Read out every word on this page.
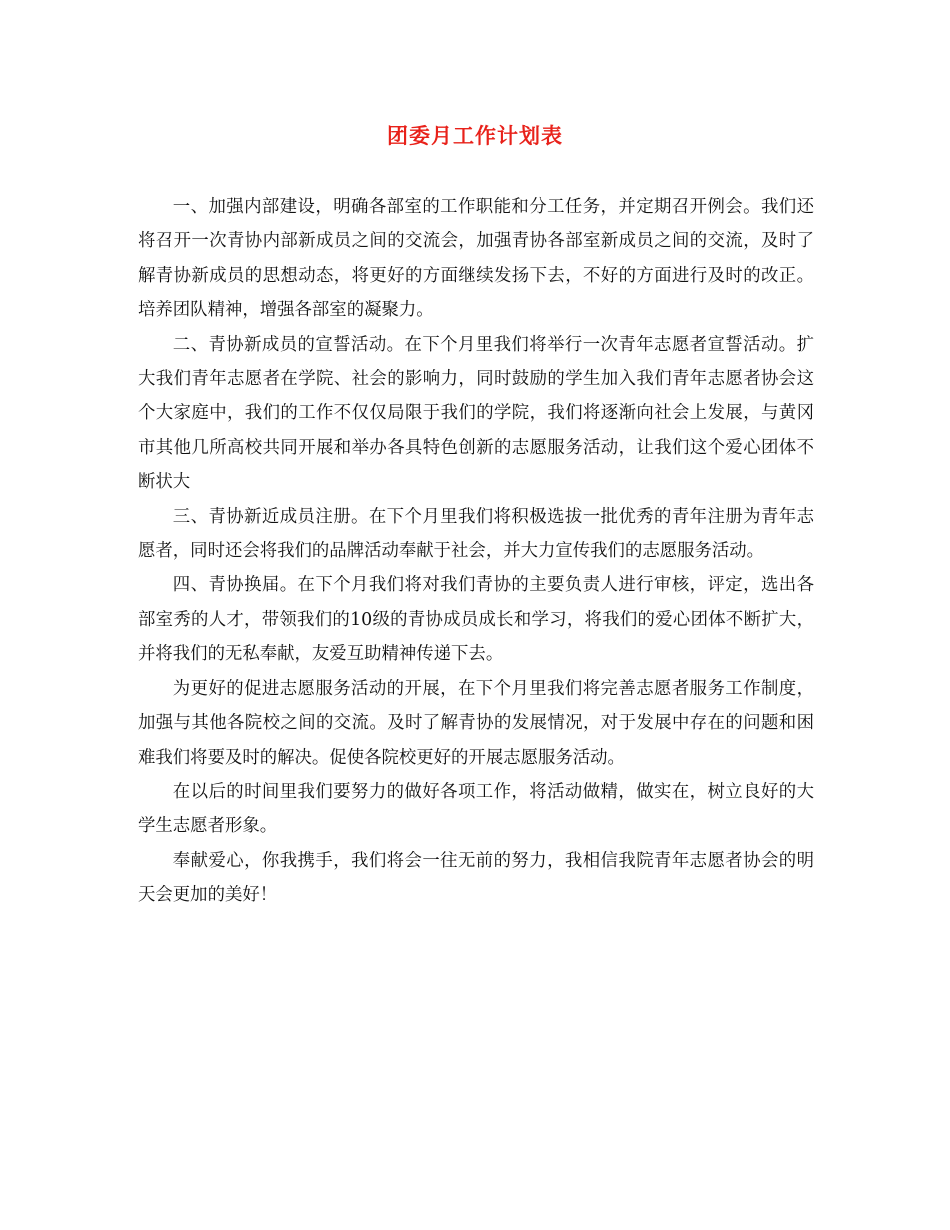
团委月工作计划表

一、加强内部建设，明确各部室的工作职能和分工任务，并定期召开例会。我们还将召开一次青协内部新成员之间的交流会，加强青协各部室新成员之间的交流，及时了解青协新成员的思想动态，将更好的方面继续发扬下去，不好的方面进行及时的改正。培养团队精神，增强各部室的凝聚力。

二、青协新成员的宣誓活动。在下个月里我们将举行一次青年志愿者宣誓活动。扩大我们青年志愿者在学院、社会的影响力，同时鼓励的学生加入我们青年志愿者协会这个大家庭中，我们的工作不仅仅局限于我们的学院，我们将逐渐向社会上发展，与黄冈市其他几所高校共同开展和举办各具特色创新的志愿服务活动，让我们这个爱心团体不断状大

三、青协新近成员注册。在下个月里我们将积极选拔一批优秀的青年注册为青年志愿者，同时还会将我们的品牌活动奉献于社会，并大力宣传我们的志愿服务活动。

四、青协换届。在下个月我们将对我们青协的主要负责人进行审核，评定，选出各部室秀的人才，带领我们的10级的青协成员成长和学习，将我们的爱心团体不断扩大，并将我们的无私奉献，友爱互助精神传递下去。

为更好的促进志愿服务活动的开展，在下个月里我们将完善志愿者服务工作制度，加强与其他各院校之间的交流。及时了解青协的发展情况，对于发展中存在的问题和困难我们将要及时的解决。促使各院校更好的开展志愿服务活动。

在以后的时间里我们要努力的做好各项工作，将活动做精，做实在，树立良好的大学生志愿者形象。

奉献爱心，你我携手，我们将会一往无前的努力，我相信我院青年志愿者协会的明天会更加的美好！
